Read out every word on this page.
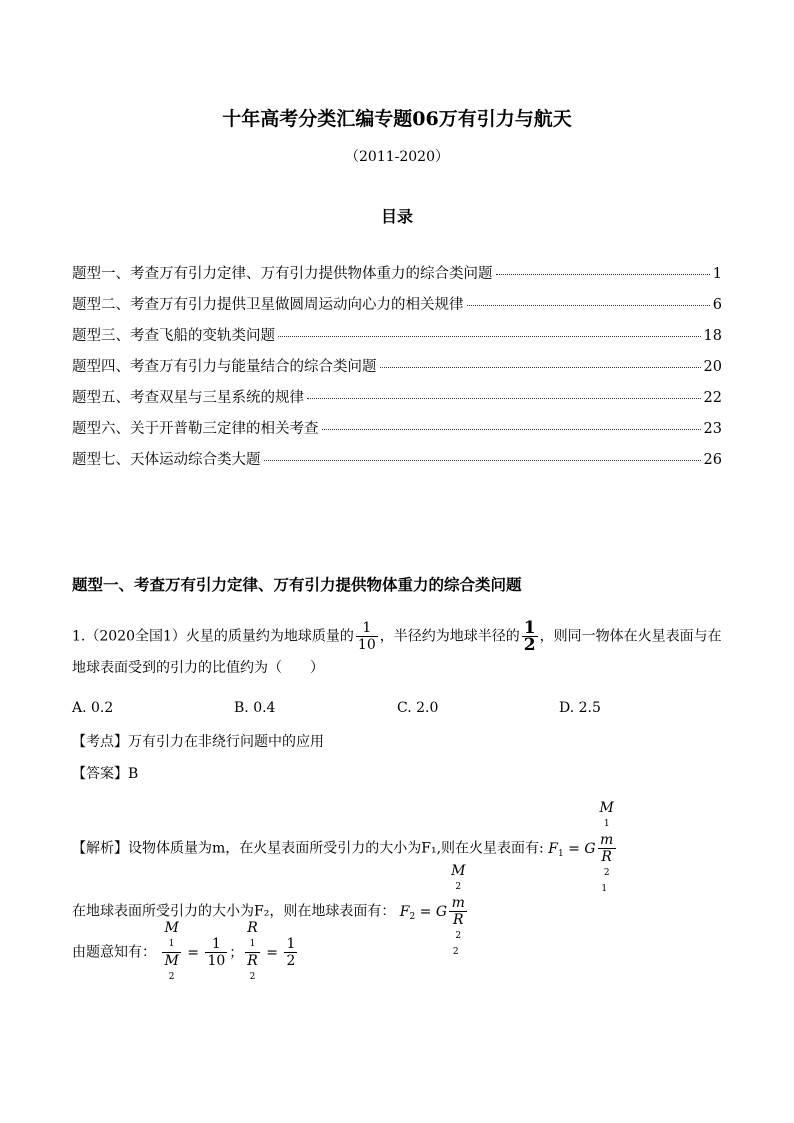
十年高考分类汇编专题06万有引力与航天
（2011-2020）
目录
题型一、考查万有引力定律、万有引力提供物体重力的综合类问题	1
题型二、考查万有引力提供卫星做圆周运动向心力的相关规律	6
题型三、考查飞船的变轨类问题	18
题型四、考查万有引力与能量结合的综合类问题	20
题型五、考查双星与三星系统的规律	22
题型六、关于开普勒三定律的相关考查	23
题型七、天体运动综合类大题	26
题型一、考查万有引力定律、万有引力提供物体重力的综合类问题
1.（2020全国1）火星的质量约为地球质量的 $\frac{1}{10}$ ，半径约为地球半径的 $\frac{1}{2}$ ，则同一物体在火星表面与在地球表面受到的引力的比值约为（　　）
A. 0.2	B. 0.4	C. 2.0	D. 2.5
【考点】万有引力在非绕行问题中的应用
【答案】B
【解析】设物体质量为m，在火星表面所受引力的大小为F₁,则在火星表面有: $F_1 = G$ M
1
m
R
2
1
在地球表面所受引力的大小为F₂，则在地球表面有： $F_2 = G$ M
2
m
R
2
2
由题意知有： M
1
M
$2 = \frac{1}{10}$ ； R
1
R
$2 = \frac{1}{2}$
